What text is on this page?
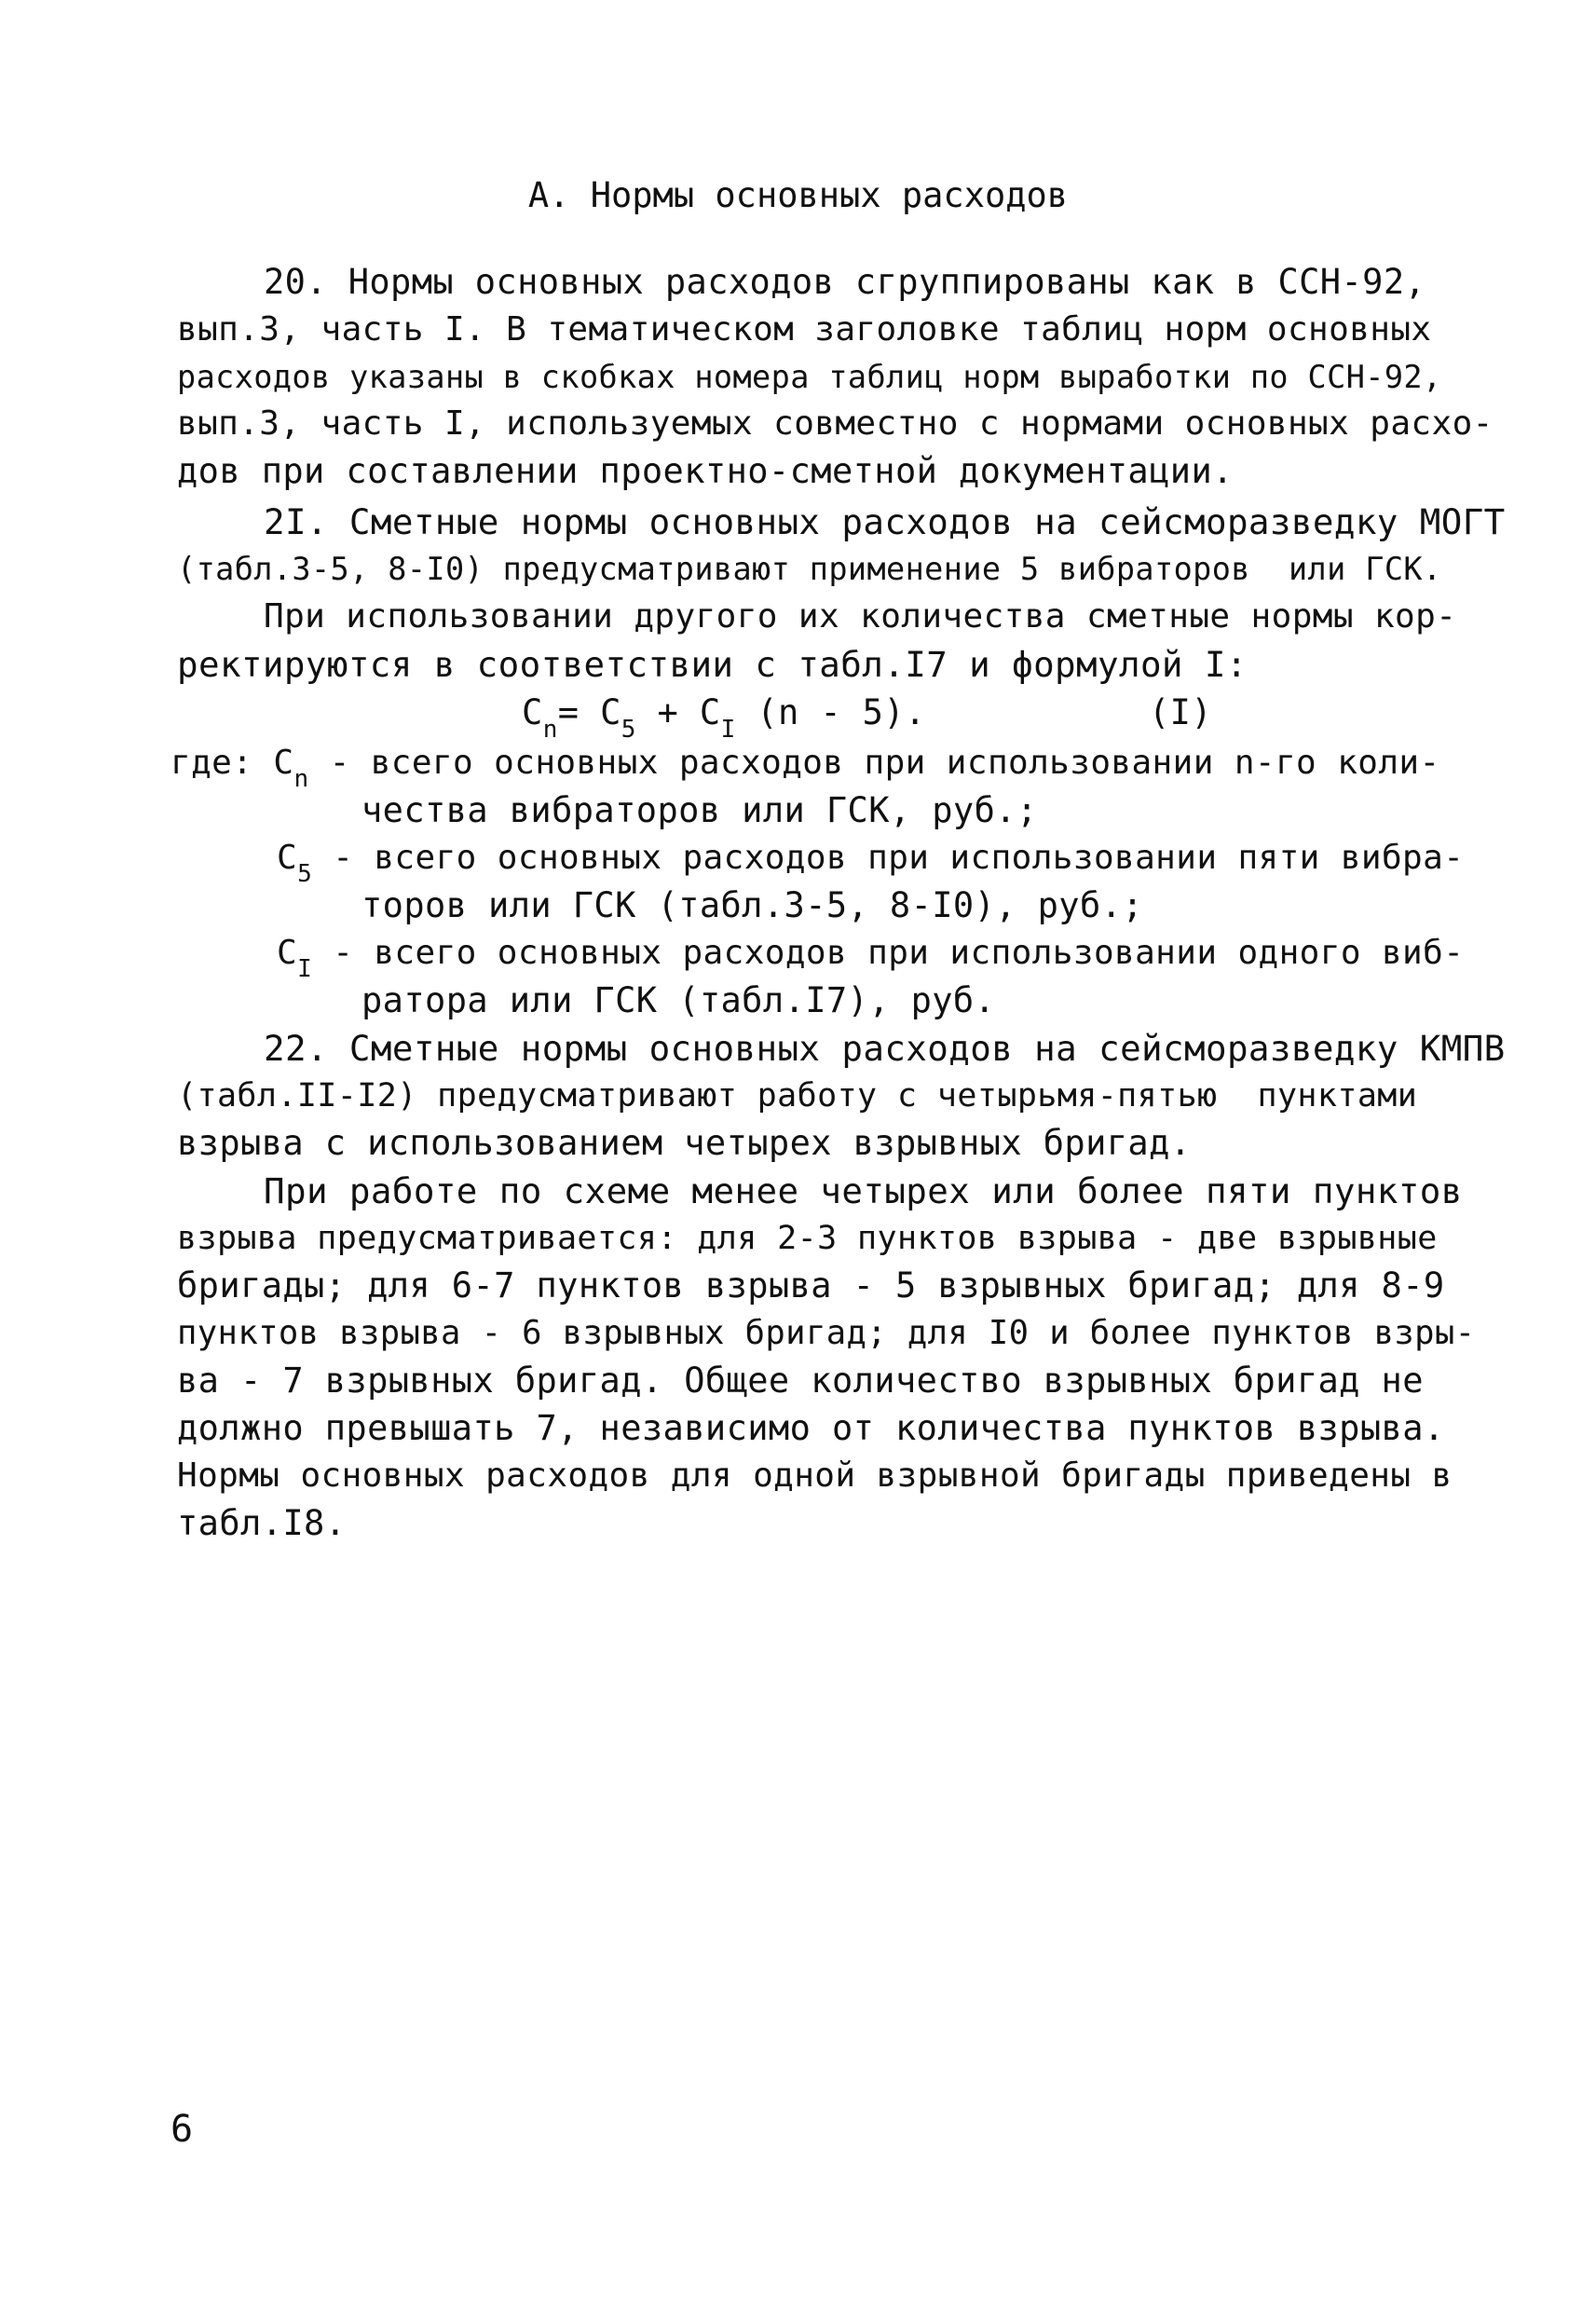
А. Нормы основных расходов
20. Нормы основных расходов сгруппированы как в ССН-92,
вып.3, часть I. В тематическом заголовке таблиц норм основных
расходов указаны в скобках номера таблиц норм выработки по ССН-92,
вып.3, часть I, используемых совместно с нормами основных расхо-
дов при составлении проектно-сметной документации.
2I. Сметные нормы основных расходов на сейсморазведку МОГТ
(табл.3-5, 8-I0) предусматривают применение 5 вибраторов  или ГСК.
При использовании другого их количества сметные нормы кор-
ректируются в соответствии с табл.I7 и формулой I:
$C_n= C_5 + C_I$ (n - 5).	(I)
где: $C_n$ - всего основных расходов при использовании n-го коли-
чества вибраторов или ГСК, руб.;
$C_5$ - всего основных расходов при использовании пяти вибра-
торов или ГСК (табл.3-5, 8-I0), руб.;
$C_I$ - всего основных расходов при использовании одного виб-
ратора или ГСК (табл.I7), руб.
22. Сметные нормы основных расходов на сейсморазведку КМПВ
(табл.II-I2) предусматривают работу с четырьмя-пятью  пунктами
взрыва с использованием четырех взрывных бригад.
При работе по схеме менее четырех или более пяти пунктов
взрыва предусматривается: для 2-3 пунктов взрыва - две взрывные
бригады; для 6-7 пунктов взрыва - 5 взрывных бригад; для 8-9
пунктов взрыва - 6 взрывных бригад; для I0 и более пунктов взры-
ва - 7 взрывных бригад. Общее количество взрывных бригад не
должно превышать 7, независимо от количества пунктов взрыва.
Нормы основных расходов для одной взрывной бригады приведены в
табл.I8.
6
